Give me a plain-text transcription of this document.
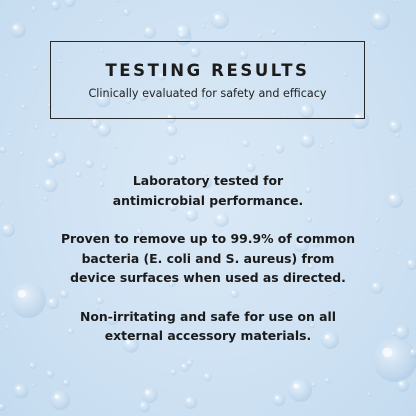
TESTING RESULTS
Clinically evaluated for safety and efficacy

Laboratory tested for
antimicrobial performance.

Proven to remove up to 99.9% of common
bacteria (E. coli and S. aureus) from
device surfaces when used as directed.

Non-irritating and safe for use on all
external accessory materials.
